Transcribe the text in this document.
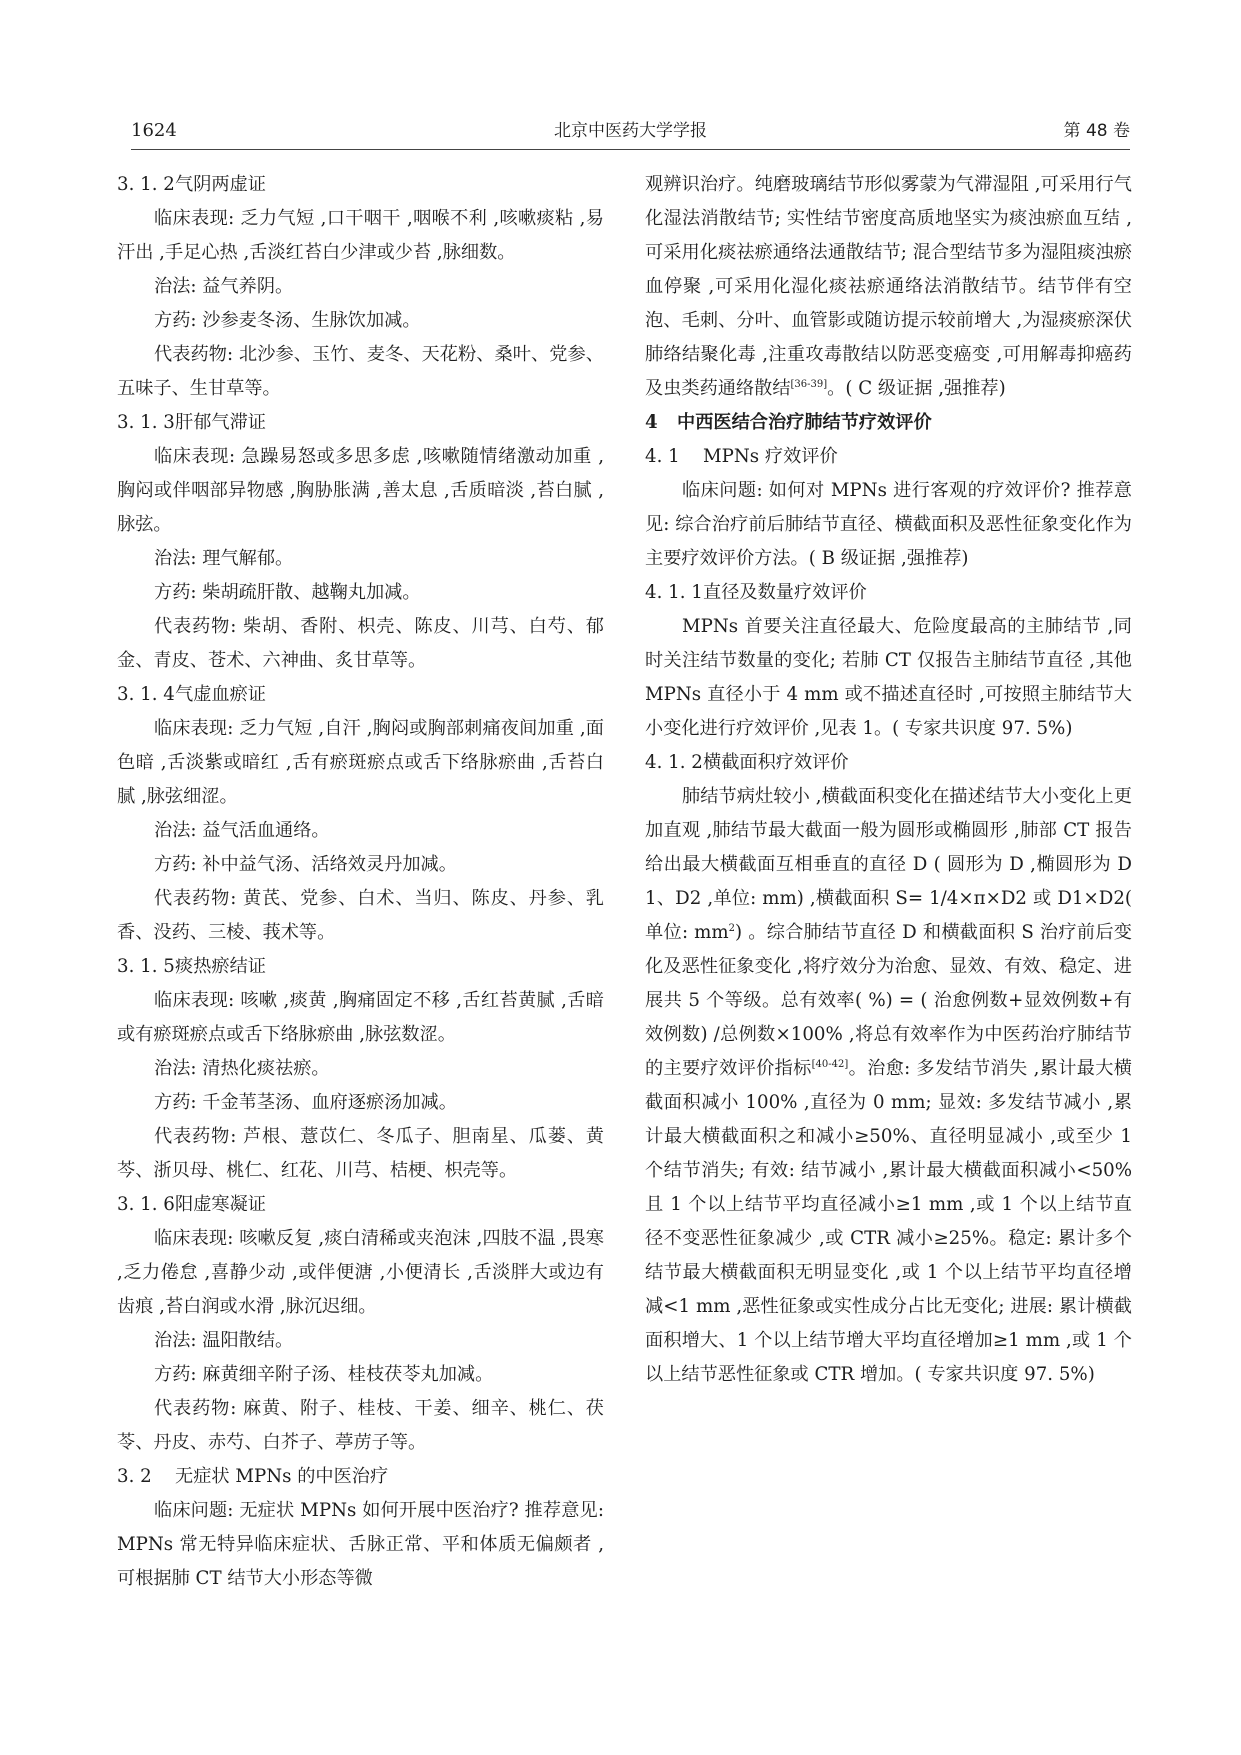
1624	北京中医药大学学报	第 48 卷

3. 1. 2气阴两虚证

临床表现: 乏力气短 ,口干咽干 ,咽喉不利 ,咳嗽痰粘 ,易汗出 ,手足心热 ,舌淡红苔白少津或少苔 ,脉细数。

治法: 益气养阴。

方药: 沙参麦冬汤、生脉饮加减。

代表药物: 北沙参、玉竹、麦冬、天花粉、桑叶、党参、五味子、生甘草等。

3. 1. 3肝郁气滞证

临床表现: 急躁易怒或多思多虑 ,咳嗽随情绪激动加重 ,胸闷或伴咽部异物感 ,胸胁胀满 ,善太息 ,舌质暗淡 ,苔白腻 ,脉弦。

治法: 理气解郁。

方药: 柴胡疏肝散、越鞠丸加减。

代表药物: 柴胡、香附、枳壳、陈皮、川芎、白芍、郁金、青皮、苍术、六神曲、炙甘草等。

3. 1. 4气虚血瘀证

临床表现: 乏力气短 ,自汗 ,胸闷或胸部刺痛夜间加重 ,面色暗 ,舌淡紫或暗红 ,舌有瘀斑瘀点或舌下络脉瘀曲 ,舌苔白腻 ,脉弦细涩。

治法: 益气活血通络。

方药: 补中益气汤、活络效灵丹加减。

代表药物: 黄芪、党参、白术、当归、陈皮、丹参、乳香、没药、三棱、莪术等。

3. 1. 5痰热瘀结证

临床表现: 咳嗽 ,痰黄 ,胸痛固定不移 ,舌红苔黄腻 ,舌暗或有瘀斑瘀点或舌下络脉瘀曲 ,脉弦数涩。

治法: 清热化痰祛瘀。

方药: 千金苇茎汤、血府逐瘀汤加减。

代表药物: 芦根、薏苡仁、冬瓜子、胆南星、瓜蒌、黄芩、浙贝母、桃仁、红花、川芎、桔梗、枳壳等。

3. 1. 6阳虚寒凝证

临床表现: 咳嗽反复 ,痰白清稀或夹泡沫 ,四肢不温 ,畏寒 ,乏力倦怠 ,喜静少动 ,或伴便溏 ,小便清长 ,舌淡胖大或边有齿痕 ,苔白润或水滑 ,脉沉迟细。

治法: 温阳散结。

方药: 麻黄细辛附子汤、桂枝茯苓丸加减。

代表药物: 麻黄、附子、桂枝、干姜、细辛、桃仁、茯苓、丹皮、赤芍、白芥子、葶苈子等。

3. 2 无症状 MPNs 的中医治疗

临床问题: 无症状 MPNs 如何开展中医治疗? 推荐意见: MPNs 常无特异临床症状、舌脉正常、平和体质无偏颇者 ,可根据肺 CT 结节大小形态等微

观辨识治疗。纯磨玻璃结节形似雾蒙为气滞湿阻 ,可采用行气化湿法消散结节; 实性结节密度高质地坚实为痰浊瘀血互结 ,可采用化痰祛瘀通络法通散结节; 混合型结节多为湿阻痰浊瘀血停聚 ,可采用化湿化痰祛瘀通络法消散结节。结节伴有空泡、毛刺、分叶、血管影或随访提示较前增大 ,为湿痰瘀深伏肺络结聚化毒 ,注重攻毒散结以防恶变癌变 ,可用解毒抑癌药及虫类药通络散结[36-39]。( C 级证据 ,强推荐)

4 中西医结合治疗肺结节疗效评价

4. 1 MPNs 疗效评价

临床问题: 如何对 MPNs 进行客观的疗效评价? 推荐意见: 综合治疗前后肺结节直径、横截面积及恶性征象变化作为主要疗效评价方法。( B 级证据 ,强推荐)

4. 1. 1直径及数量疗效评价

MPNs 首要关注直径最大、危险度最高的主肺结节 ,同时关注结节数量的变化; 若肺 CT 仅报告主肺结节直径 ,其他 MPNs 直径小于 4 mm 或不描述直径时 ,可按照主肺结节大小变化进行疗效评价 ,见表 1。( 专家共识度 97. 5%)

4. 1. 2横截面积疗效评价

肺结节病灶较小 ,横截面积变化在描述结节大小变化上更加直观 ,肺结节最大截面一般为圆形或椭圆形 ,肺部 CT 报告给出最大横截面互相垂直的直径 D ( 圆形为 D ,椭圆形为 D1、D2 ,单位: mm) ,横截面积 S= 1/4×π×D2 或 D1×D2( 单位: $mm^2$) 。综合肺结节直径 D 和横截面积 S 治疗前后变化及恶性征象变化 ,将疗效分为治愈、显效、有效、稳定、进展共 5 个等级。总有效率( %) = ( 治愈例数+显效例数+有效例数) /总例数×100% ,将总有效率作为中医药治疗肺结节的主要疗效评价指标[40-42]。治愈: 多发结节消失 ,累计最大横截面积减小 100% ,直径为 0 mm; 显效: 多发结节减小 ,累计最大横截面积之和减小≥50%、直径明显减小 ,或至少 1 个结节消失; 有效: 结节减小 ,累计最大横截面积减小<50%且 1 个以上结节平均直径减小≥1 mm ,或 1 个以上结节直径不变恶性征象减少 ,或 CTR 减小≥25%。稳定: 累计多个结节最大横截面积无明显变化 ,或 1 个以上结节平均直径增减<1 mm ,恶性征象或实性成分占比无变化; 进展: 累计横截面积增大、1 个以上结节增大平均直径增加≥1 mm ,或 1 个以上结节恶性征象或 CTR 增加。( 专家共识度 97. 5%)
